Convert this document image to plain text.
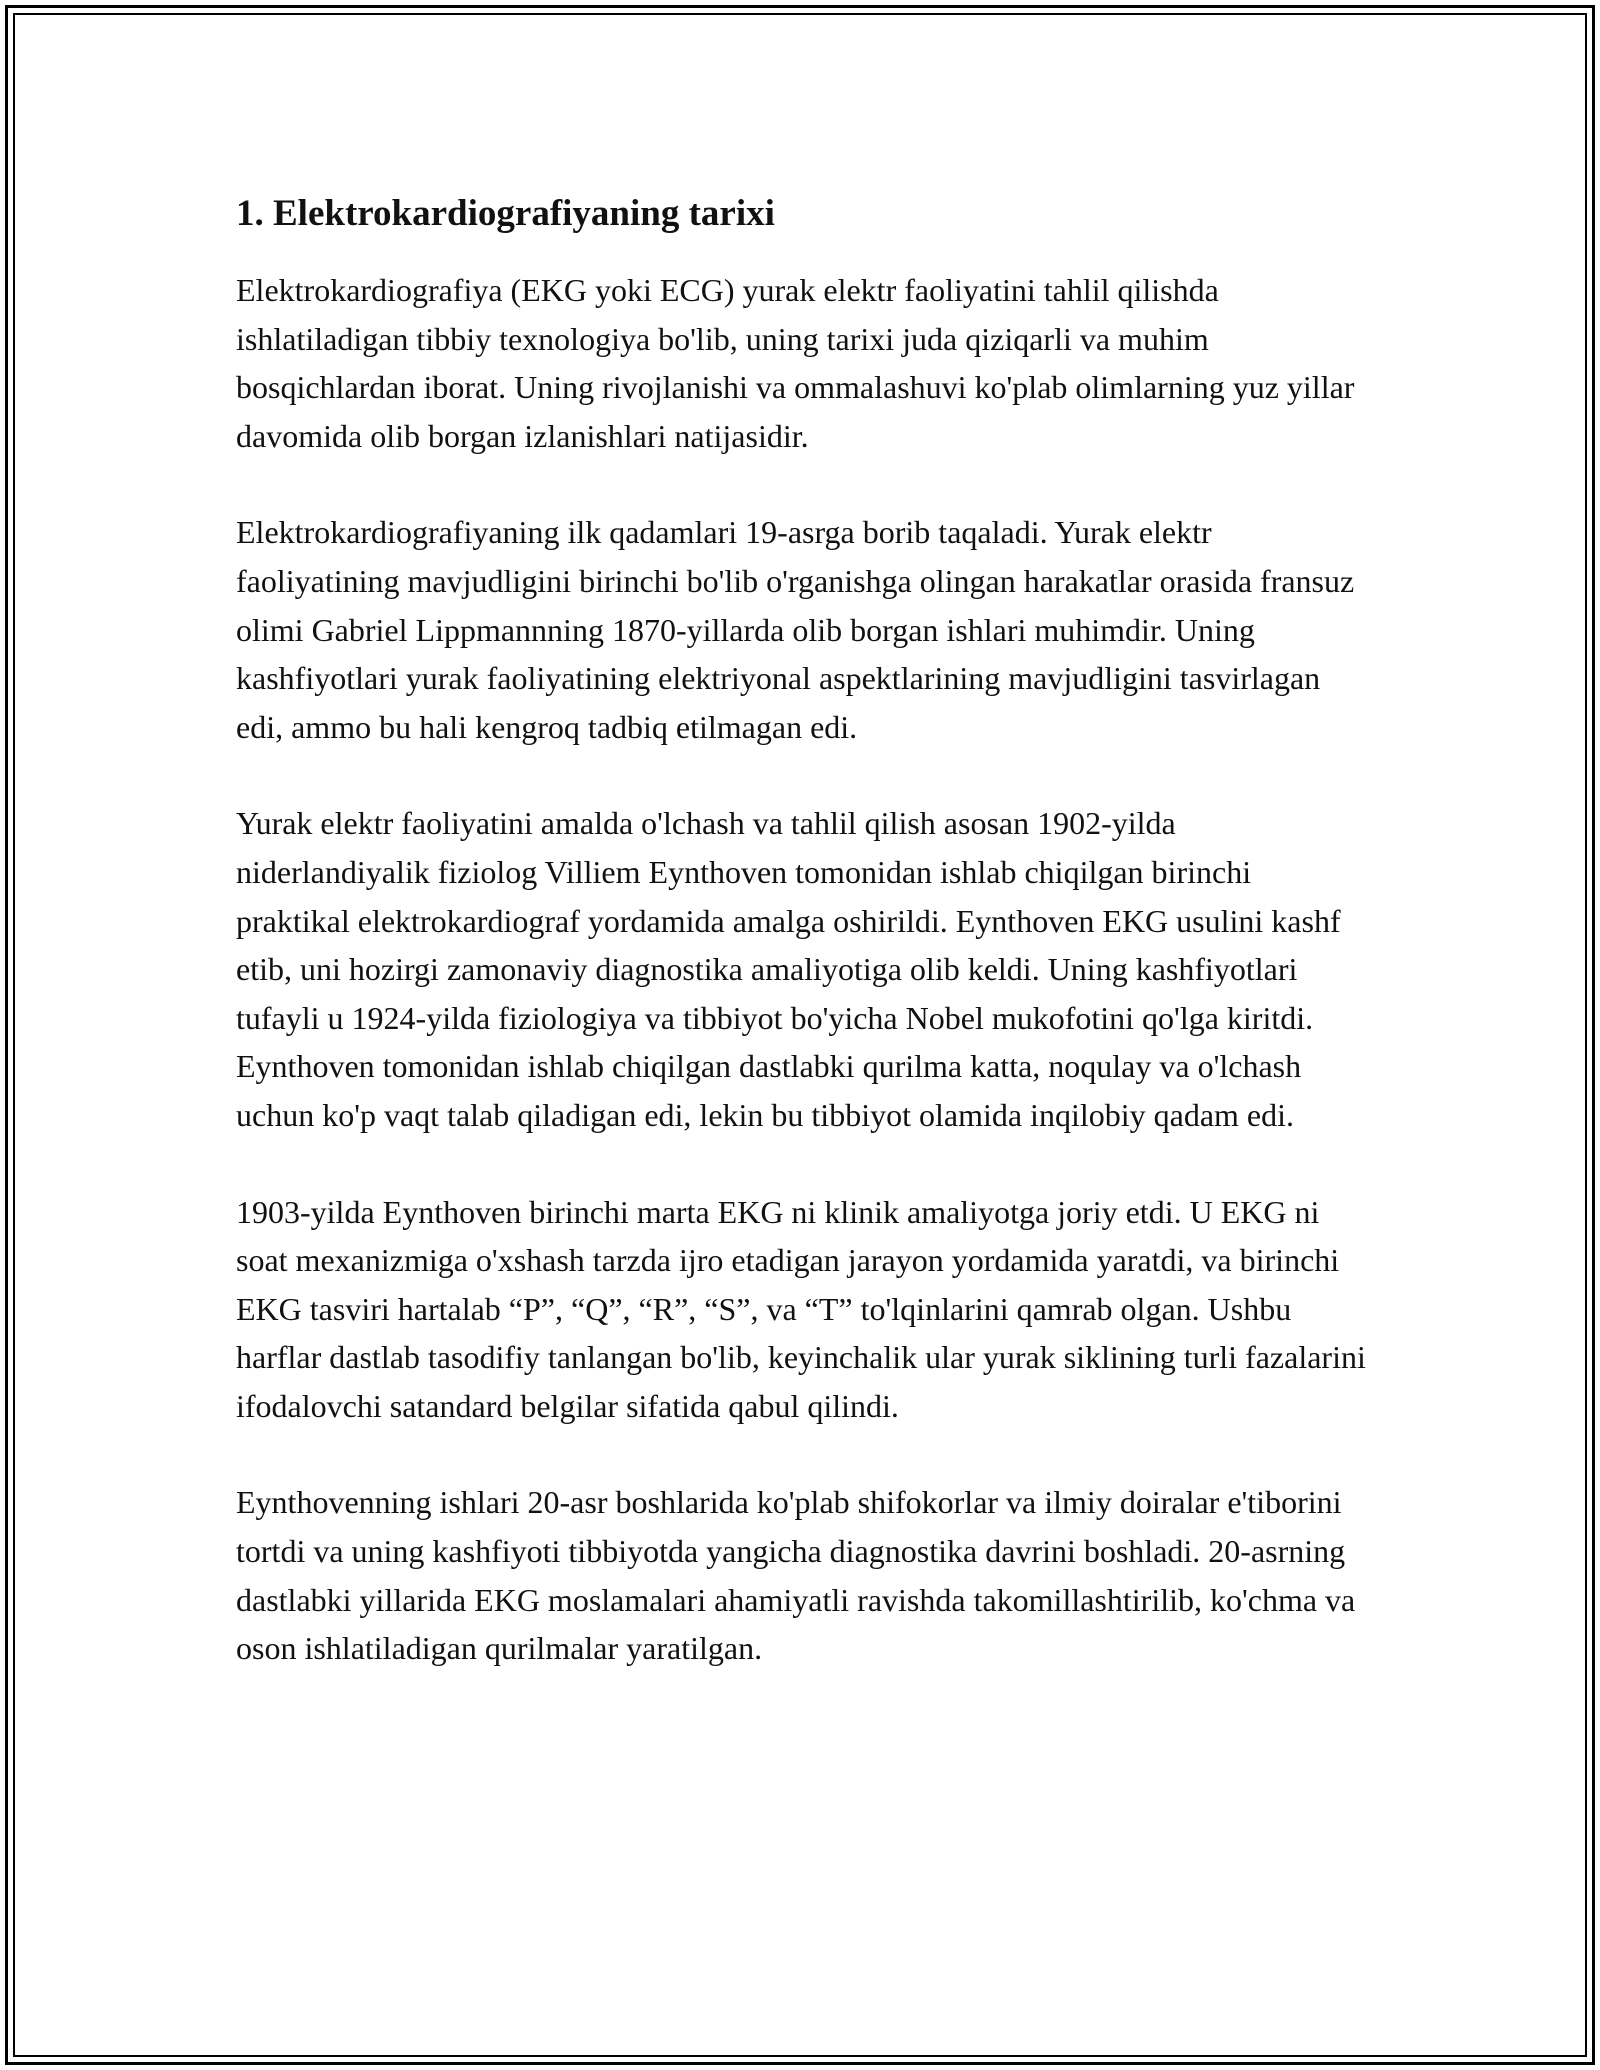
1. Elektrokardiografiyaning tarixi

Elektrokardiografiya (EKG yoki ECG) yurak elektr faoliyatini tahlil qilishda ishlatiladigan tibbiy texnologiya bo'lib, uning tarixi juda qiziqarli va muhim bosqichlardan iborat. Uning rivojlanishi va ommalashuvi ko'plab olimlarning yuz yillar davomida olib borgan izlanishlari natijasidir.

Elektrokardiografiyaning ilk qadamlari 19-asrga borib taqaladi. Yurak elektr faoliyatining mavjudligini birinchi bo'lib o'rganishga olingan harakatlar orasida fransuz olimi Gabriel Lippmannning 1870-yillarda olib borgan ishlari muhimdir. Uning kashfiyotlari yurak faoliyatining elektriyonal aspektlarining mavjudligini tasvirlagan edi, ammo bu hali kengroq tadbiq etilmagan edi.

Yurak elektr faoliyatini amalda o'lchash va tahlil qilish asosan 1902-yilda niderlandiyalik fiziolog Villiem Eynthoven tomonidan ishlab chiqilgan birinchi praktikal elektrokardiograf yordamida amalga oshirildi. Eynthoven EKG usulini kashf etib, uni hozirgi zamonaviy diagnostika amaliyotiga olib keldi. Uning kashfiyotlari tufayli u 1924-yilda fiziologiya va tibbiyot bo'yicha Nobel mukofotini qo'lga kiritdi. Eynthoven tomonidan ishlab chiqilgan dastlabki qurilma katta, noqulay va o'lchash uchun ko'p vaqt talab qiladigan edi, lekin bu tibbiyot olamida inqilobiy qadam edi.

1903-yilda Eynthoven birinchi marta EKG ni klinik amaliyotga joriy etdi. U EKG ni soat mexanizmiga o'xshash tarzda ijro etadigan jarayon yordamida yaratdi, va birinchi EKG tasviri hartalab “P”, “Q”, “R”, “S”, va “T” to'lqinlarini qamrab olgan. Ushbu harflar dastlab tasodifiy tanlangan bo'lib, keyinchalik ular yurak siklining turli fazalarini ifodalovchi satandard belgilar sifatida qabul qilindi.

Eynthovenning ishlari 20-asr boshlarida ko'plab shifokorlar va ilmiy doiralar e'tiborini tortdi va uning kashfiyoti tibbiyotda yangicha diagnostika davrini boshladi. 20-asrning dastlabki yillarida EKG moslamalari ahamiyatli ravishda takomillashtirilib, ko'chma va oson ishlatiladigan qurilmalar yaratilgan.
